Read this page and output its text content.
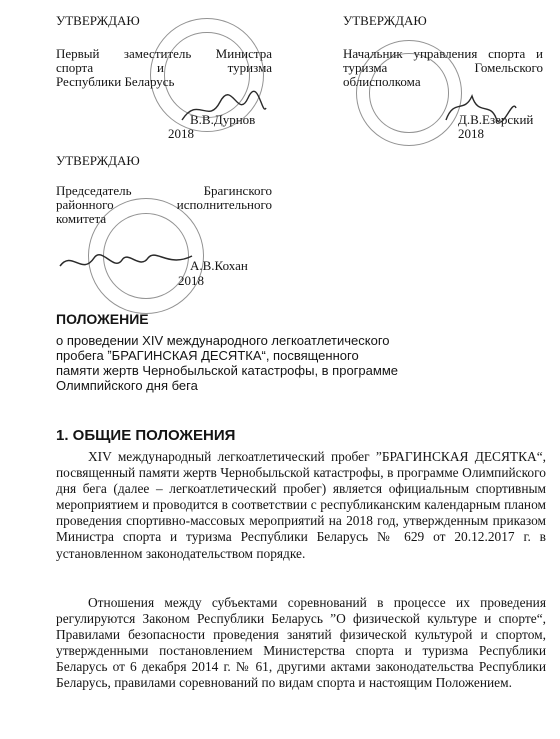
УТВЕРЖДАЮ
Первый заместитель Министра
спорта и туризма
Республики Беларусь
В.В.Дурнов
2018
УТВЕРЖДАЮ
Начальник управления спорта и
туризма Гомельского
облисполкома
Д.В.Езерский
2018
УТВЕРЖДАЮ
Председатель Брагинского
районного исполнительного
комитета
А.В.Кохан
2018
ПОЛОЖЕНИЕ
о проведении XIV международного легкоатлетического
пробега ˮБРАГИНСКАЯ ДЕСЯТКА“, посвященного
памяти жертв Чернобыльской катастрофы, в программе
Олимпийского дня бега
1. ОБЩИЕ ПОЛОЖЕНИЯ
XIV международный легкоатлетический пробег ˮБРАГИНСКАЯ ДЕСЯТКА“, посвященный памяти жертв Чернобыльской катастрофы, в программе Олимпийского дня бега (далее – легкоатлетический пробег) является официальным спортивным мероприятием и проводится в соответствии с республиканским календарным планом проведения спортивно-массовых мероприятий на 2018 год, утвержденным приказом Министра спорта и туризма Республики Беларусь № 629 от 20.12.2017 г. в установленном законодательством порядке.
Отношения между субъектами соревнований в процессе их проведения регулируются Законом Республики Беларусь ˮО физической культуре и спорте“, Правилами безопасности проведения занятий физической культурой и спортом, утвержденными постановлением Министерства спорта и туризма Республики Беларусь от 6 декабря 2014 г. № 61, другими актами законодательства Республики Беларусь, правилами соревнований по видам спорта и настоящим Положением.
